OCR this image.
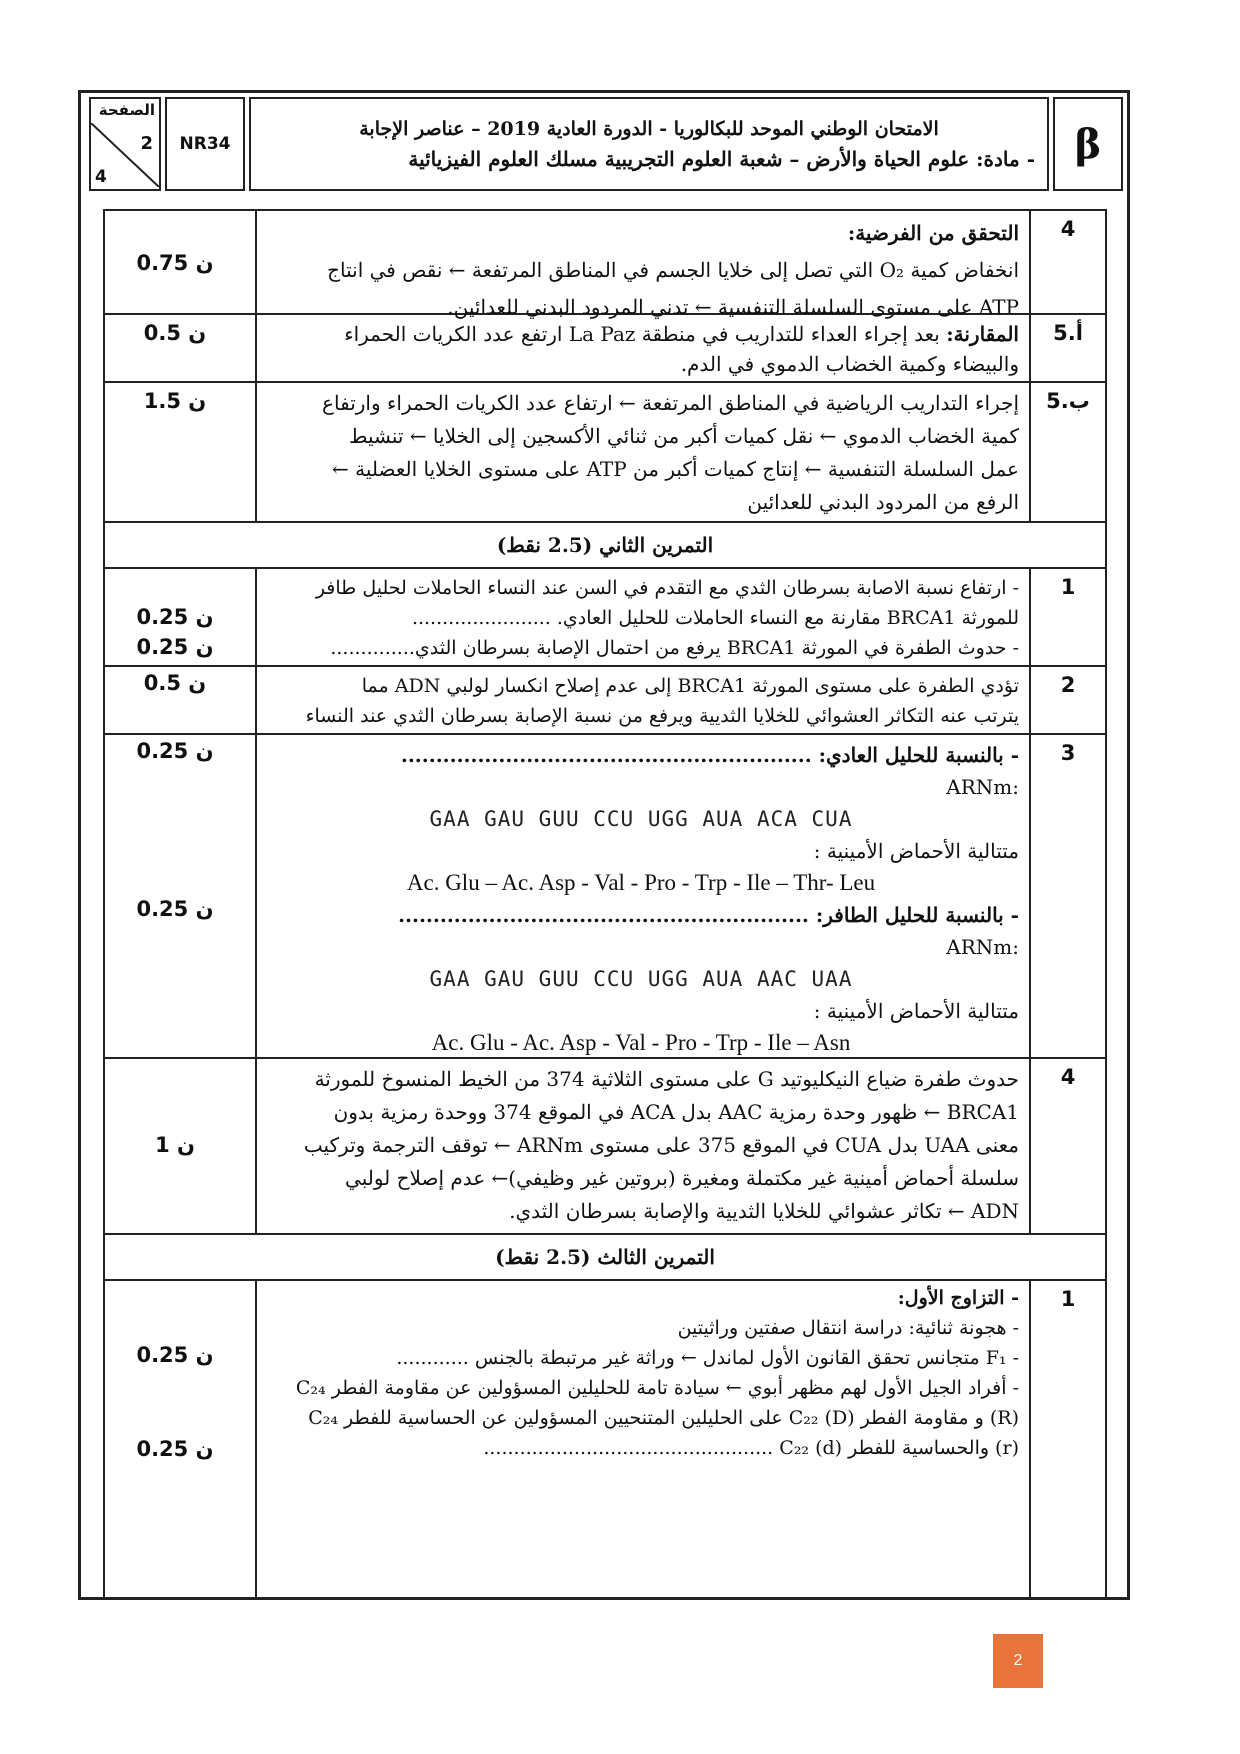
β
الامتحان الوطني الموحد للبكالوريا - الدورة العادية 2019 – عناصر الإجابة
- مادة: علوم الحياة والأرض – شعبة العلوم التجريبية مسلك العلوم الفيزيائية
NR34
الصفحة
2
4
4
التحقق من الفرضية:
انخفاض كمية O₂ التي تصل إلى خلايا الجسم في المناطق المرتفعة ← نقص في انتاج
ATP على مستوى السلسلة التنفسية ← تدني المردود البدني للعدائين.
0.75 ن
5.أ
المقارنة: بعد إجراء العداء للتداريب في منطقة La Paz ارتفع عدد الكريات الحمراء
والبيضاء وكمية الخضاب الدموي في الدم.
0.5 ن
5.ب
إجراء التداريب الرياضية في المناطق المرتفعة ← ارتفاع عدد الكريات الحمراء وارتفاع
كمية الخضاب الدموي ← نقل كميات أكبر من ثنائي الأكسجين إلى الخلايا ← تنشيط
عمل السلسلة التنفسية ← إنتاج كميات أكبر من ATP على مستوى الخلايا العضلية ←
الرفع من المردود البدني للعدائين
1.5 ن
التمرين الثاني (2.5 نقط)
1
- ارتفاع نسبة الاصابة بسرطان الثدي مع التقدم في السن عند النساء الحاملات لحليل طافر
للمورثة BRCA1 مقارنة مع النساء الحاملات للحليل العادي. .......................
- حدوث الطفرة في المورثة BRCA1 يرفع من احتمال الإصابة بسرطان الثدي..............
0.25 ن
0.25 ن
2
تؤدي الطفرة على مستوى المورثة BRCA1 إلى عدم إصلاح انكسار لولبي ADN مما
يترتب عنه التكاثر العشوائي للخلايا الثديية ويرفع من نسبة الإصابة بسرطان الثدي عند النساء
0.5 ن
3
- بالنسبة للحليل العادي: ...........................................................
:ARNm
GAA GAU GUU CCU UGG AUA ACA CUA
متتالية الأحماض الأمينية :
Ac. Glu – Ac. Asp - Val - Pro - Trp - Ile – Thr- Leu
- بالنسبة للحليل الطافر: ...........................................................
:ARNm
GAA GAU GUU CCU UGG AUA AAC UAA
متتالية الأحماض الأمينية :
Ac. Glu - Ac. Asp - Val - Pro - Trp - Ile – Asn
0.25 ن
0.25 ن
4
حدوث طفرة ضياع النيكليوتيد G على مستوى الثلاثية 374 من الخيط المنسوخ للمورثة
BRCA1 ← ظهور وحدة رمزية AAC بدل ACA في الموقع 374 ووحدة رمزية بدون
معنى UAA بدل CUA في الموقع 375 على مستوى ARNm ← توقف الترجمة وتركيب
سلسلة أحماض أمينية غير مكتملة ومغيرة (بروتين غير وظيفي)← عدم إصلاح لولبي
ADN ← تكاثر عشوائي للخلايا الثديية والإصابة بسرطان الثدي.
1 ن
التمرين الثالث (2.5 نقط)
1
- التزاوج الأول:
- هجونة ثنائية: دراسة انتقال صفتين وراثيتين
- F₁ متجانس تحقق القانون الأول لماندل ← وراثة غير مرتبطة بالجنس ............
- أفراد الجيل الأول لهم مظهر أبوي ← سيادة تامة للحليلين المسؤولين عن مقاومة الفطر C₂₄
(R) و مقاومة الفطر C₂₂ (D) على الحليلين المتنحيين المسؤولين عن الحساسية للفطر C₂₄
(r) والحساسية للفطر C₂₂ (d) ................................................
0.25 ن
0.25 ن
2
